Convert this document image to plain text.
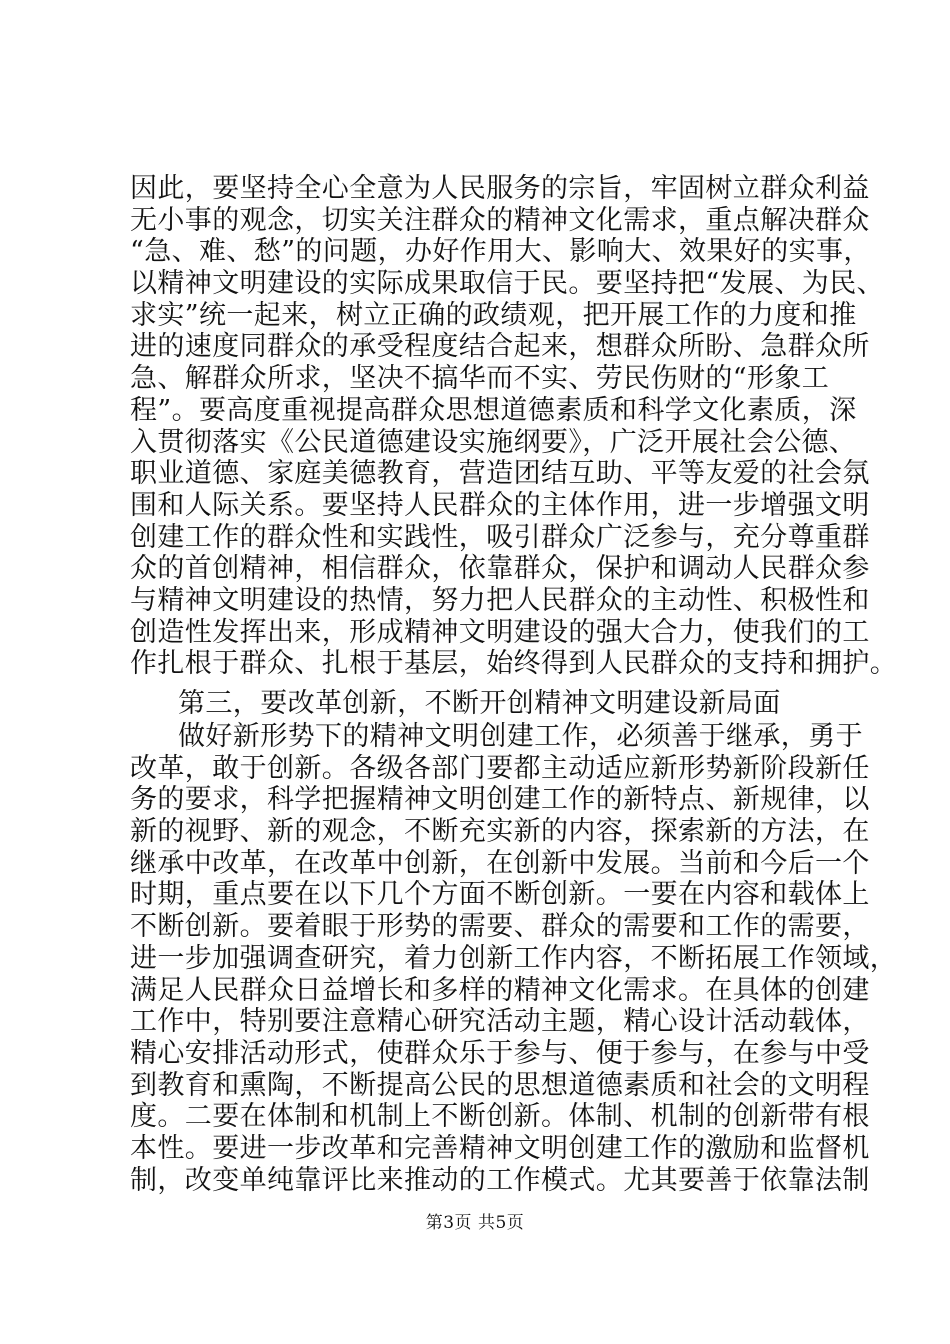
因此，要坚持全心全意为人民服务的宗旨，牢固树立群众利益
无小事的观念，切实关注群众的精神文化需求，重点解决群众
“急、难、愁”的问题，办好作用大、影响大、效果好的实事，
以精神文明建设的实际成果取信于民。要坚持把“发展、为民、
求实”统一起来，树立正确的政绩观，把开展工作的力度和推
进的速度同群众的承受程度结合起来，想群众所盼、急群众所
急、解群众所求，坚决不搞华而不实、劳民伤财的“形象工
程”。要高度重视提高群众思想道德素质和科学文化素质，深
入贯彻落实《公民道德建设实施纲要》，广泛开展社会公德、
职业道德、家庭美德教育，营造团结互助、平等友爱的社会氛
围和人际关系。要坚持人民群众的主体作用，进一步增强文明
创建工作的群众性和实践性，吸引群众广泛参与，充分尊重群
众的首创精神，相信群众，依靠群众，保护和调动人民群众参
与精神文明建设的热情，努力把人民群众的主动性、积极性和
创造性发挥出来，形成精神文明建设的强大合力，使我们的工
作扎根于群众、扎根于基层，始终得到人民群众的支持和拥护。
第三，要改革创新，不断开创精神文明建设新局面
做好新形势下的精神文明创建工作，必须善于继承，勇于
改革，敢于创新。各级各部门要都主动适应新形势新阶段新任
务的要求，科学把握精神文明创建工作的新特点、新规律，以
新的视野、新的观念，不断充实新的内容，探索新的方法，在
继承中改革，在改革中创新，在创新中发展。当前和今后一个
时期，重点要在以下几个方面不断创新。一要在内容和载体上
不断创新。要着眼于形势的需要、群众的需要和工作的需要，
进一步加强调查研究，着力创新工作内容，不断拓展工作领域，
满足人民群众日益增长和多样的精神文化需求。在具体的创建
工作中，特别要注意精心研究活动主题，精心设计活动载体，
精心安排活动形式，使群众乐于参与、便于参与，在参与中受
到教育和熏陶，不断提高公民的思想道德素质和社会的文明程
度。二要在体制和机制上不断创新。体制、机制的创新带有根
本性。要进一步改革和完善精神文明创建工作的激励和监督机
制，改变单纯靠评比来推动的工作模式。尤其要善于依靠法制
第3页 共5页
